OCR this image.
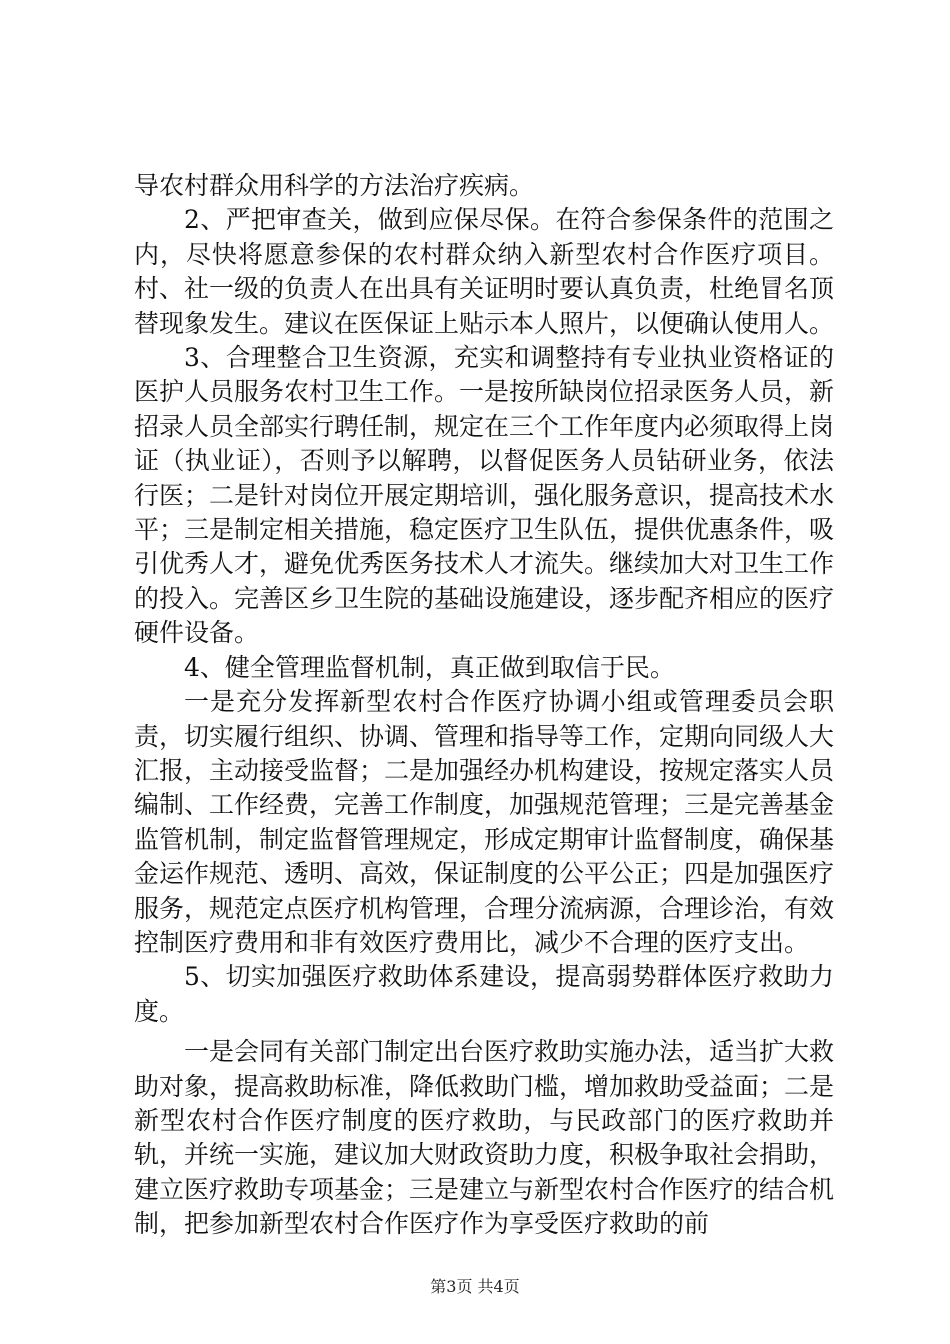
导农村群众用科学的方法治疗疾病。

2、严把审查关，做到应保尽保。在符合参保条件的范围之内，尽快将愿意参保的农村群众纳入新型农村合作医疗项目。村、社一级的负责人在出具有关证明时要认真负责，杜绝冒名顶替现象发生。建议在医保证上贴示本人照片，以便确认使用人。

3、合理整合卫生资源，充实和调整持有专业执业资格证的医护人员服务农村卫生工作。一是按所缺岗位招录医务人员，新招录人员全部实行聘任制，规定在三个工作年度内必须取得上岗证（执业证），否则予以解聘，以督促医务人员钻研业务，依法行医；二是针对岗位开展定期培训，强化服务意识，提高技术水平；三是制定相关措施，稳定医疗卫生队伍，提供优惠条件，吸引优秀人才，避免优秀医务技术人才流失。继续加大对卫生工作的投入。完善区乡卫生院的基础设施建设，逐步配齐相应的医疗硬件设备。

4、健全管理监督机制，真正做到取信于民。

一是充分发挥新型农村合作医疗协调小组或管理委员会职责，切实履行组织、协调、管理和指导等工作，定期向同级人大汇报，主动接受监督；二是加强经办机构建设，按规定落实人员编制、工作经费，完善工作制度，加强规范管理；三是完善基金监管机制，制定监督管理规定，形成定期审计监督制度，确保基金运作规范、透明、高效，保证制度的公平公正；四是加强医疗服务，规范定点医疗机构管理，合理分流病源，合理诊治，有效控制医疗费用和非有效医疗费用比，减少不合理的医疗支出。

5、切实加强医疗救助体系建设，提高弱势群体医疗救助力度。

一是会同有关部门制定出台医疗救助实施办法，适当扩大救助对象，提高救助标准，降低救助门槛，增加救助受益面；二是新型农村合作医疗制度的医疗救助，与民政部门的医疗救助并轨，并统一实施，建议加大财政资助力度，积极争取社会捐助，建立医疗救助专项基金；三是建立与新型农村合作医疗的结合机制，把参加新型农村合作医疗作为享受医疗救助的前

第3页 共4页
